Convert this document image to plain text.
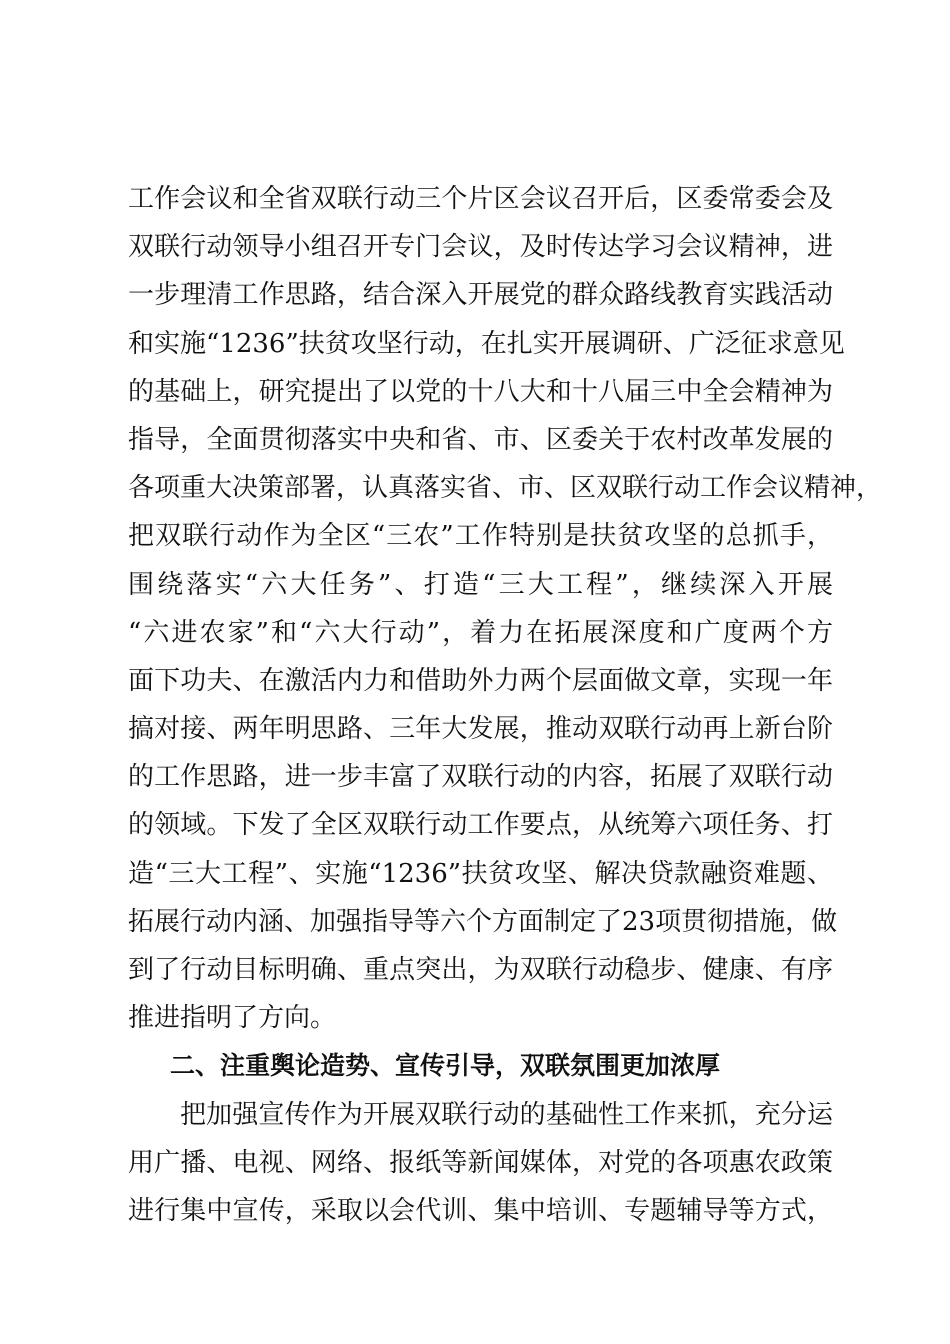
工作会议和全省双联行动三个片区会议召开后，区委常委会及
双联行动领导小组召开专门会议，及时传达学习会议精神，进
一步理清工作思路，结合深入开展党的群众路线教育实践活动
和实施“1236”扶贫攻坚行动，在扎实开展调研、广泛征求意见
的基础上，研究提出了以党的十八大和十八届三中全会精神为
指导，全面贯彻落实中央和省、市、区委关于农村改革发展的
各项重大决策部署，认真落实省、市、区双联行动工作会议精神，
把双联行动作为全区“三农”工作特别是扶贫攻坚的总抓手，
围绕落实“六大任务”、打造“三大工程”，继续深入开展
“六进农家”和“六大行动”，着力在拓展深度和广度两个方
面下功夫、在激活内力和借助外力两个层面做文章，实现一年
搞对接、两年明思路、三年大发展，推动双联行动再上新台阶
的工作思路，进一步丰富了双联行动的内容，拓展了双联行动
的领域。下发了全区双联行动工作要点，从统筹六项任务、打
造“三大工程”、实施“1236”扶贫攻坚、解决贷款融资难题、
拓展行动内涵、加强指导等六个方面制定了23项贯彻措施，做
到了行动目标明确、重点突出，为双联行动稳步、健康、有序
推进指明了方向。
二、注重舆论造势、宣传引导，双联氛围更加浓厚
把加强宣传作为开展双联行动的基础性工作来抓，充分运
用广播、电视、网络、报纸等新闻媒体，对党的各项惠农政策
进行集中宣传，采取以会代训、集中培训、专题辅导等方式，
